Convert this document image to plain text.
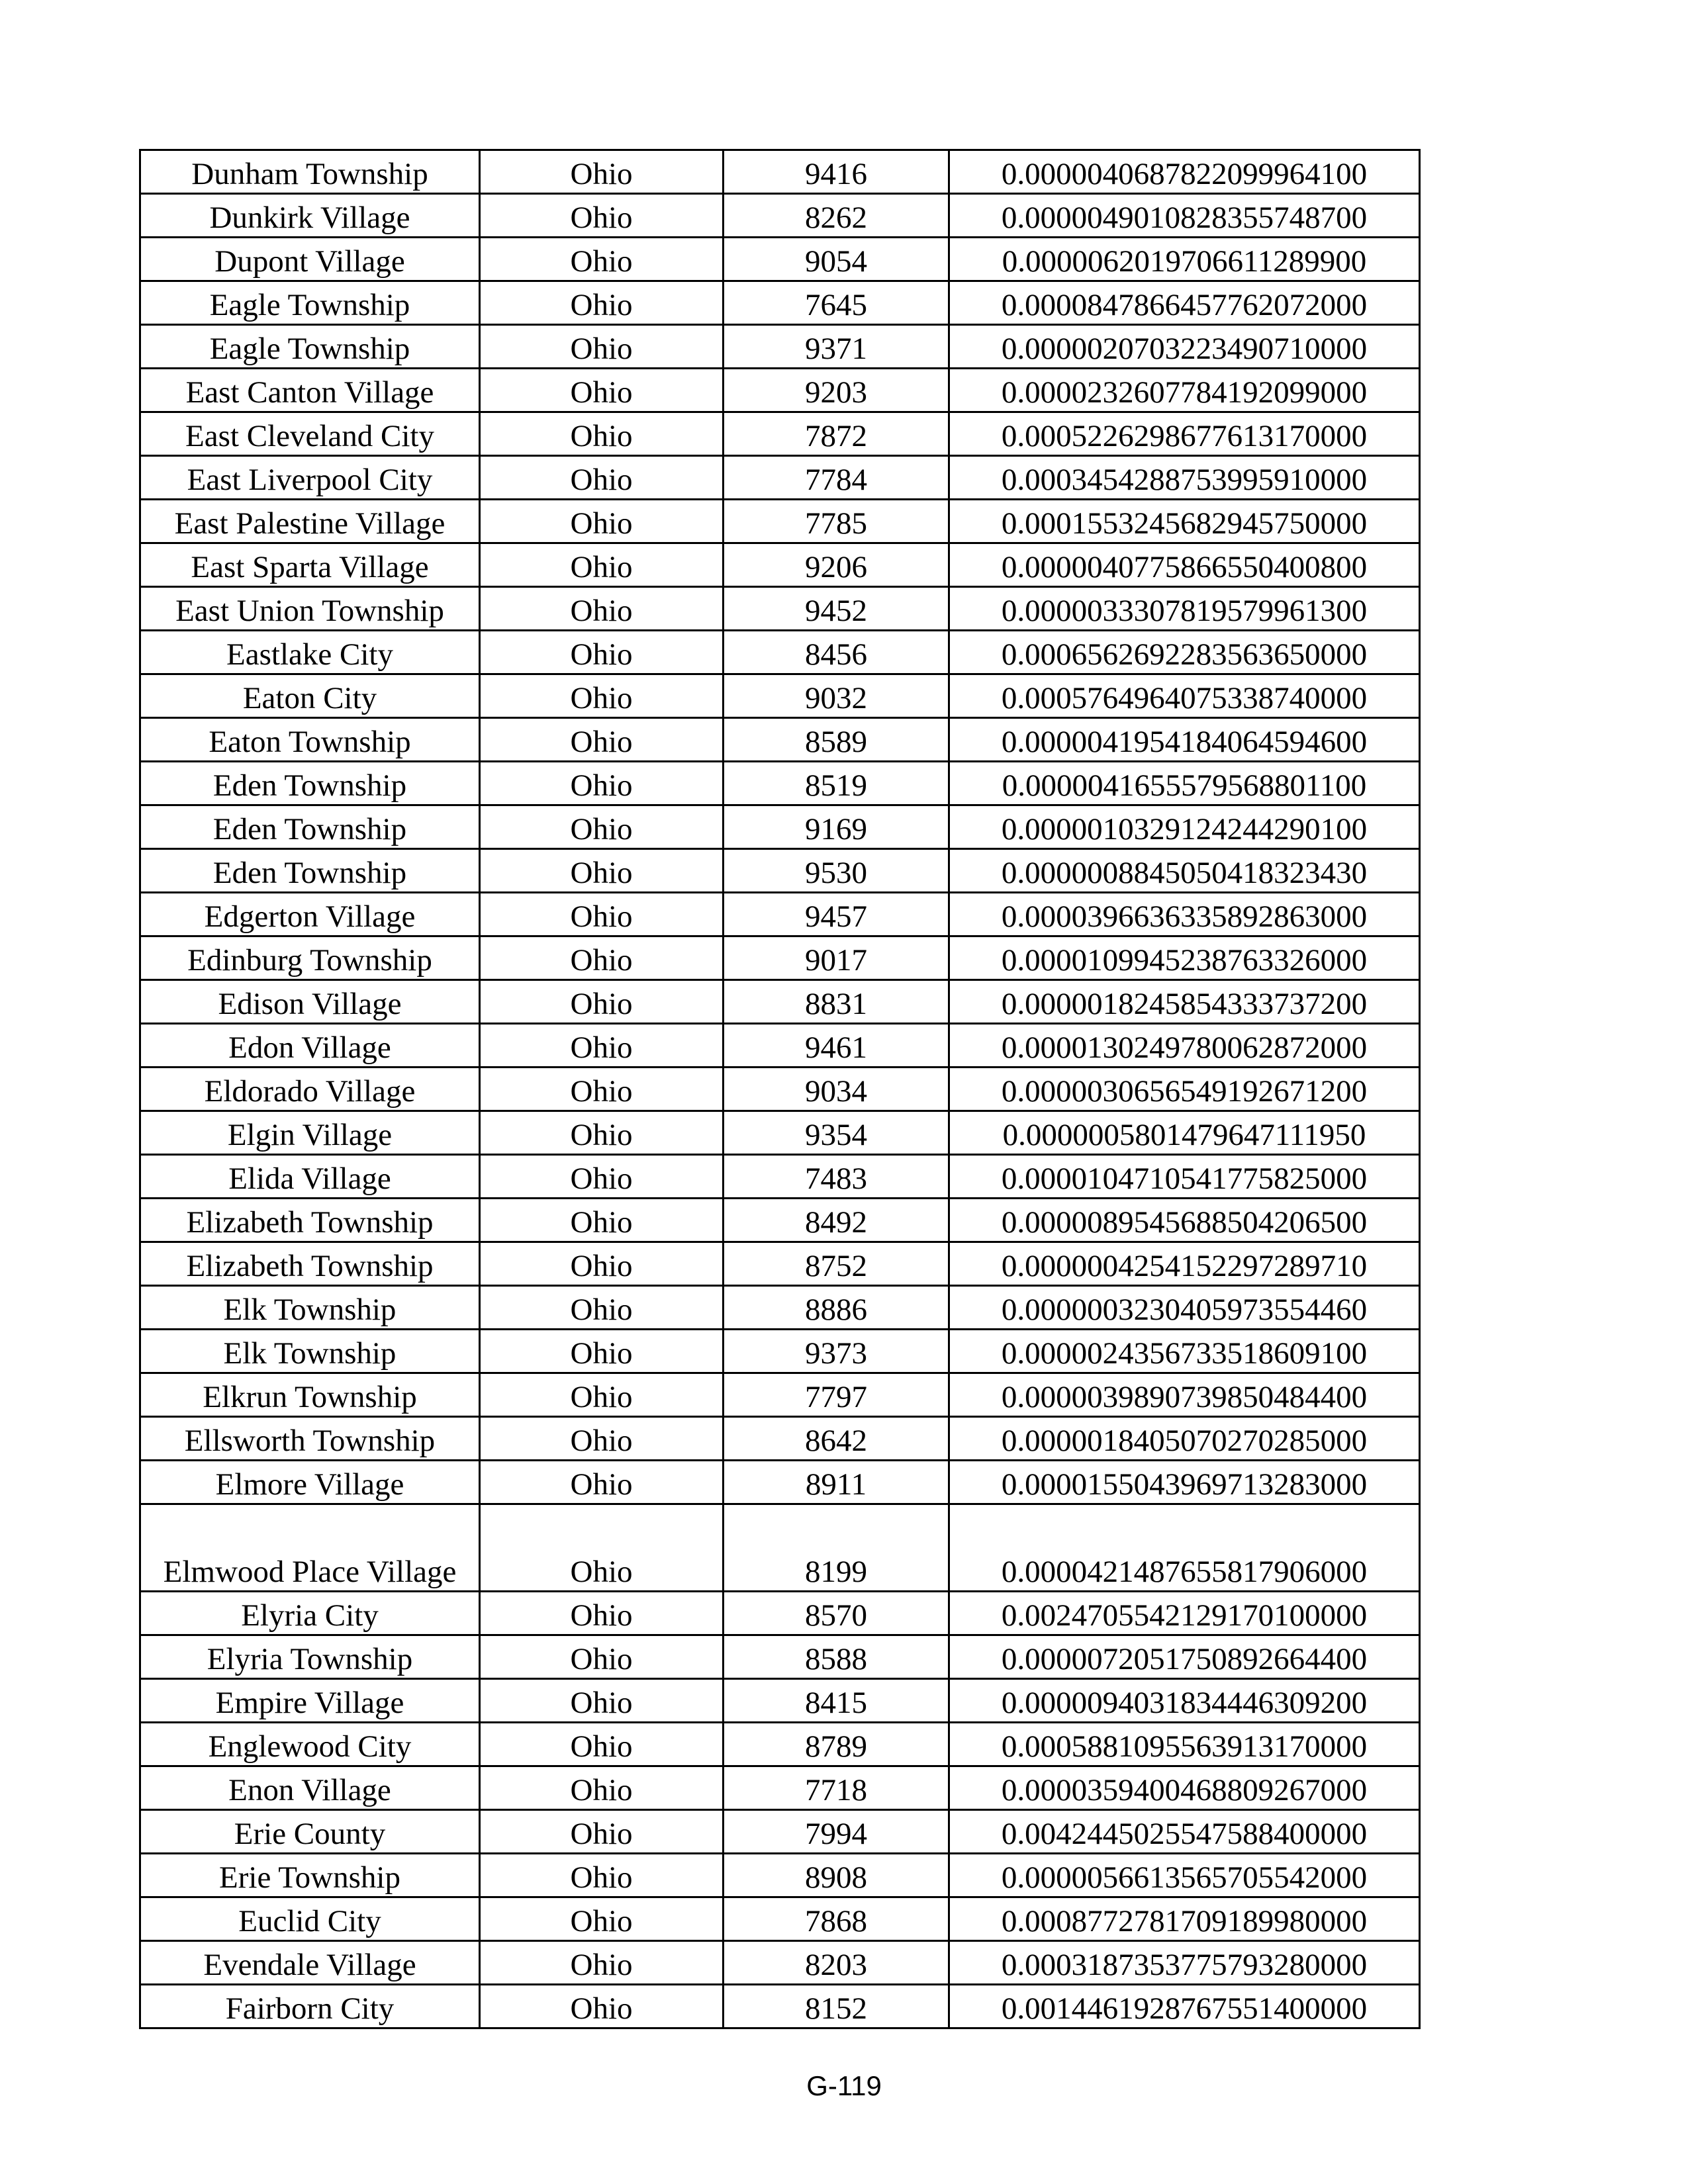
Dunham Township	Ohio	9416	0.0000040687822099964100
Dunkirk Village	Ohio	8262	0.0000049010828355748700
Dupont Village	Ohio	9054	0.0000062019706611289900
Eagle Township	Ohio	7645	0.0000847866457762072000
Eagle Township	Ohio	9371	0.0000020703223490710000
East Canton Village	Ohio	9203	0.0000232607784192099000
East Cleveland City	Ohio	7872	0.0005226298677613170000
East Liverpool City	Ohio	7784	0.0003454288753995910000
East Palestine Village	Ohio	7785	0.0001553245682945750000
East Sparta Village	Ohio	9206	0.0000040775866550400800
East Union Township	Ohio	9452	0.0000033307819579961300
Eastlake City	Ohio	8456	0.0006562692283563650000
Eaton City	Ohio	9032	0.0005764964075338740000
Eaton Township	Ohio	8589	0.0000041954184064594600
Eden Township	Ohio	8519	0.0000041655579568801100
Eden Township	Ohio	9169	0.0000010329124244290100
Eden Township	Ohio	9530	0.0000008845050418323430
Edgerton Village	Ohio	9457	0.0000396636335892863000
Edinburg Township	Ohio	9017	0.0000109945238763326000
Edison Village	Ohio	8831	0.0000018245854333737200
Edon Village	Ohio	9461	0.0000130249780062872000
Eldorado Village	Ohio	9034	0.0000030656549192671200
Elgin Village	Ohio	9354	0.0000005801479647111950
Elida Village	Ohio	7483	0.0000104710541775825000
Elizabeth Township	Ohio	8492	0.0000089545688504206500
Elizabeth Township	Ohio	8752	0.0000004254152297289710
Elk Township	Ohio	8886	0.0000003230405973554460
Elk Township	Ohio	9373	0.0000024356733518609100
Elkrun Township	Ohio	7797	0.0000039890739850484400
Ellsworth Township	Ohio	8642	0.0000018405070270285000
Elmore Village	Ohio	8911	0.0000155043969713283000
Elmwood Place Village	Ohio	8199	0.0000421487655817906000
Elyria City	Ohio	8570	0.0024705542129170100000
Elyria Township	Ohio	8588	0.0000072051750892664400
Empire Village	Ohio	8415	0.0000094031834446309200
Englewood City	Ohio	8789	0.0005881095563913170000
Enon Village	Ohio	7718	0.0000359400468809267000
Erie County	Ohio	7994	0.0042445025547588400000
Erie Township	Ohio	8908	0.0000056613565705542000
Euclid City	Ohio	7868	0.0008772781709189980000
Evendale Village	Ohio	8203	0.0003187353775793280000
Fairborn City	Ohio	8152	0.0014461928767551400000
G-119
